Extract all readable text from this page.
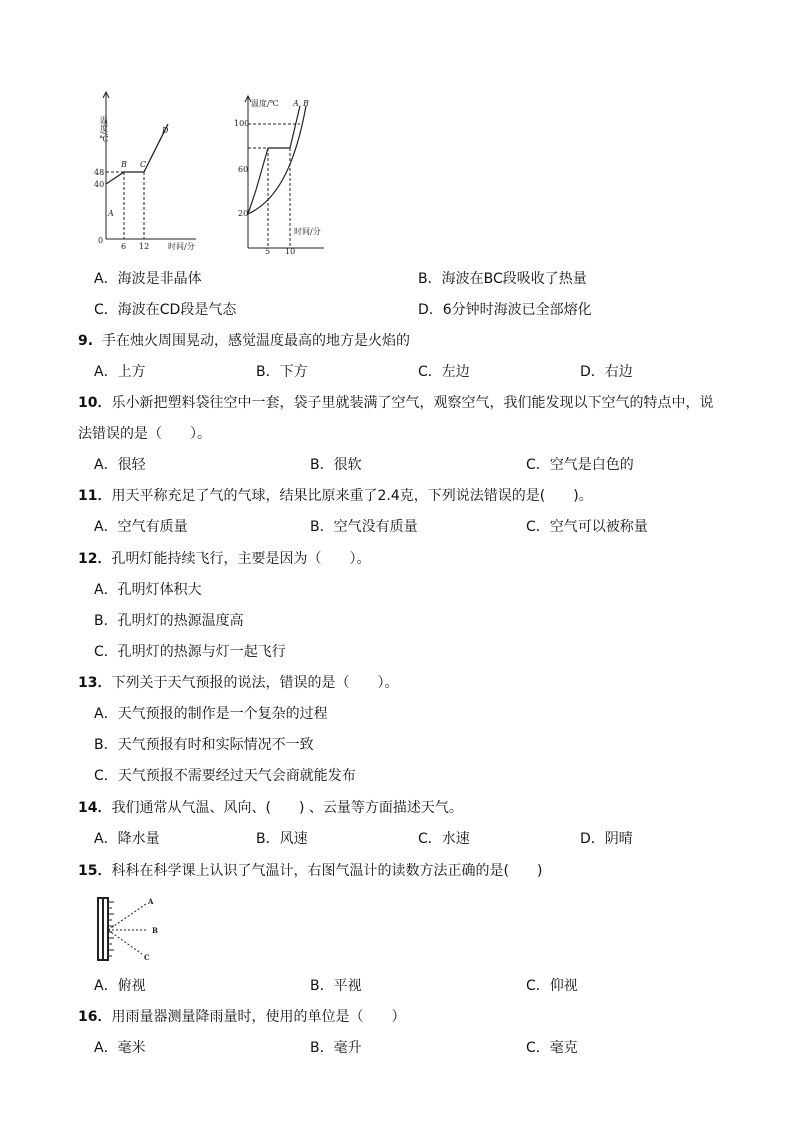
温度/℃
48
40
0
6 12 时间/分
A
B C
D
温度/℃
100
60
20
5 10
时间/分
A B
A．海波是非晶体	B．海波在BC段吸收了热量
C．海波在CD段是气态	D．6分钟时海波已全部熔化
9. 手在烛火周围晃动，感觉温度最高的地方是火焰的
A．上方	B．下方	C．左边	D．右边
10．乐小新把塑料袋往空中一套，袋子里就装满了空气，观察空气，我们能发现以下空气的特点中，说
法错误的是（　　）。
A．很轻	B．很软	C．空气是白色的
11．用天平称充足了气的气球，结果比原来重了2.4克，下列说法错误的是(　　)。
A．空气有质量	B．空气没有质量	C．空气可以被称量
12．孔明灯能持续飞行，主要是因为（　　）。
A．孔明灯体积大
B．孔明灯的热源温度高
C．孔明灯的热源与灯一起飞行
13．下列关于天气预报的说法，错误的是（　　）。
A．天气预报的制作是一个复杂的过程
B．天气预报有时和实际情况不一致
C．天气预报不需要经过天气会商就能发布
14．我们通常从气温、风向、(　　) 、云量等方面描述天气。
A．降水量	B．风速	C．水速	D．阴晴
15．科科在科学课上认识了气温计，右图气温计的读数方法正确的是(　　)
A
B
C
A．俯视	B．平视	C．仰视
16．用雨量器测量降雨量时，使用的单位是（　　）
A．毫米	B．毫升	C．毫克
